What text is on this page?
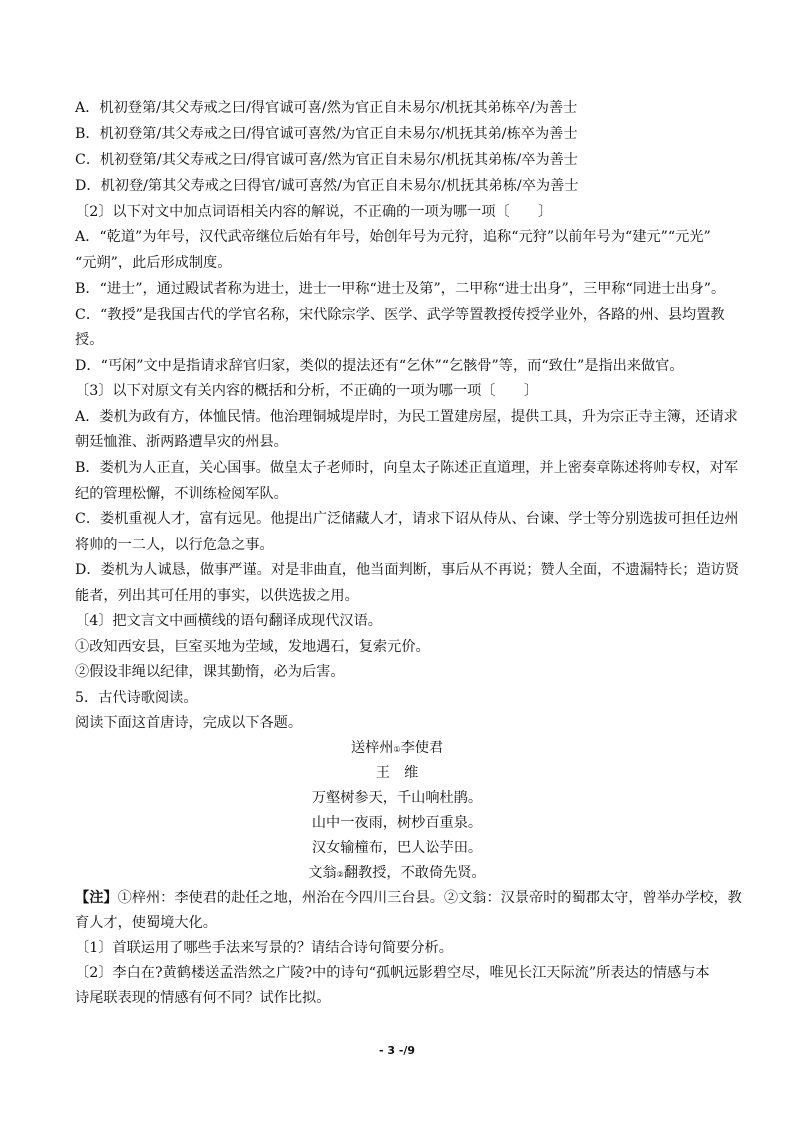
A．机初登第/其父寿戒之曰/得官诚可喜/然为官正自未易尔/机抚其弟栋卒/为善士
B．机初登第/其父寿戒之曰/得官诚可喜然/为官正自未易尔/机抚其弟/栋卒为善士
C．机初登第/其父寿戒之曰/得官诚可喜/然为官正自未易尔/机抚其弟栋/卒为善士
D．机初登/第其父寿戒之曰得官/诚可喜然/为官正自未易尔/机抚其弟栋/卒为善士
〔2〕以下对文中加点词语相关内容的解说，不正确的一项为哪一项〔　　〕
A．“乾道”为年号，汉代武帝继位后始有年号，始创年号为元狩，追称“元狩”以前年号为“建元”“元光”
“元朔”，此后形成制度。
B．“进士”，通过殿试者称为进士，进士一甲称“进士及第”，二甲称“进士出身”，三甲称“同进士出身”。
C．“教授”是我国古代的学官名称，宋代除宗学、医学、武学等置教授传授学业外，各路的州、县均置教
授。
D．“丐闲”文中是指请求辞官归家，类似的提法还有“乞休”“乞骸骨”等，而“致仕”是指出来做官。
〔3〕以下对原文有关内容的概括和分析，不正确的一项为哪一项〔　　〕
A．娄机为政有方，体恤民情。他治理铜城堤岸时，为民工置建房屋，提供工具，升为宗正寺主簿，还请求
朝廷恤淮、浙两路遭旱灾的州县。
B．娄机为人正直，关心国事。做皇太子老师时，向皇太子陈述正直道理，并上密奏章陈述将帅专权，对军
纪的管理松懈，不训练检阅军队。
C．娄机重视人才，富有远见。他提出广泛储藏人才，请求下诏从侍从、台谏、学士等分别选拔可担任边州
将帅的一二人，以行危急之事。
D．娄机为人诚恳，做事严谨。对是非曲直，他当面判断，事后从不再说；赞人全面，不遗漏特长；造访贤
能者，列出其可任用的事实，以供选拔之用。
〔4〕把文言文中画横线的语句翻译成现代汉语。
①改知西安县，巨室买地为茔域，发地遇石，复索元价。
②假设非绳以纪律，课其勤惰，必为后害。
5．古代诗歌阅读。
阅读下面这首唐诗，完成以下各题。
送梓州①李使君
王　维
万壑树参天，千山响杜鹃。
山中一夜雨，树杪百重泉。
汉女输橦布，巴人讼芋田。
文翁②翻教授，不敢倚先贤。
【注】①梓州：李使君的赴任之地，州治在今四川三台县。②文翁：汉景帝时的蜀郡太守，曾举办学校，教
育人才，使蜀境大化。
〔1〕首联运用了哪些手法来写景的？请结合诗句简要分析。
〔2〕李白在?黄鹤楼送孟浩然之广陵?中的诗句“孤帆远影碧空尽，唯见长江天际流”所表达的情感与本
诗尾联表现的情感有何不同？试作比拟。
- 3 -/9
